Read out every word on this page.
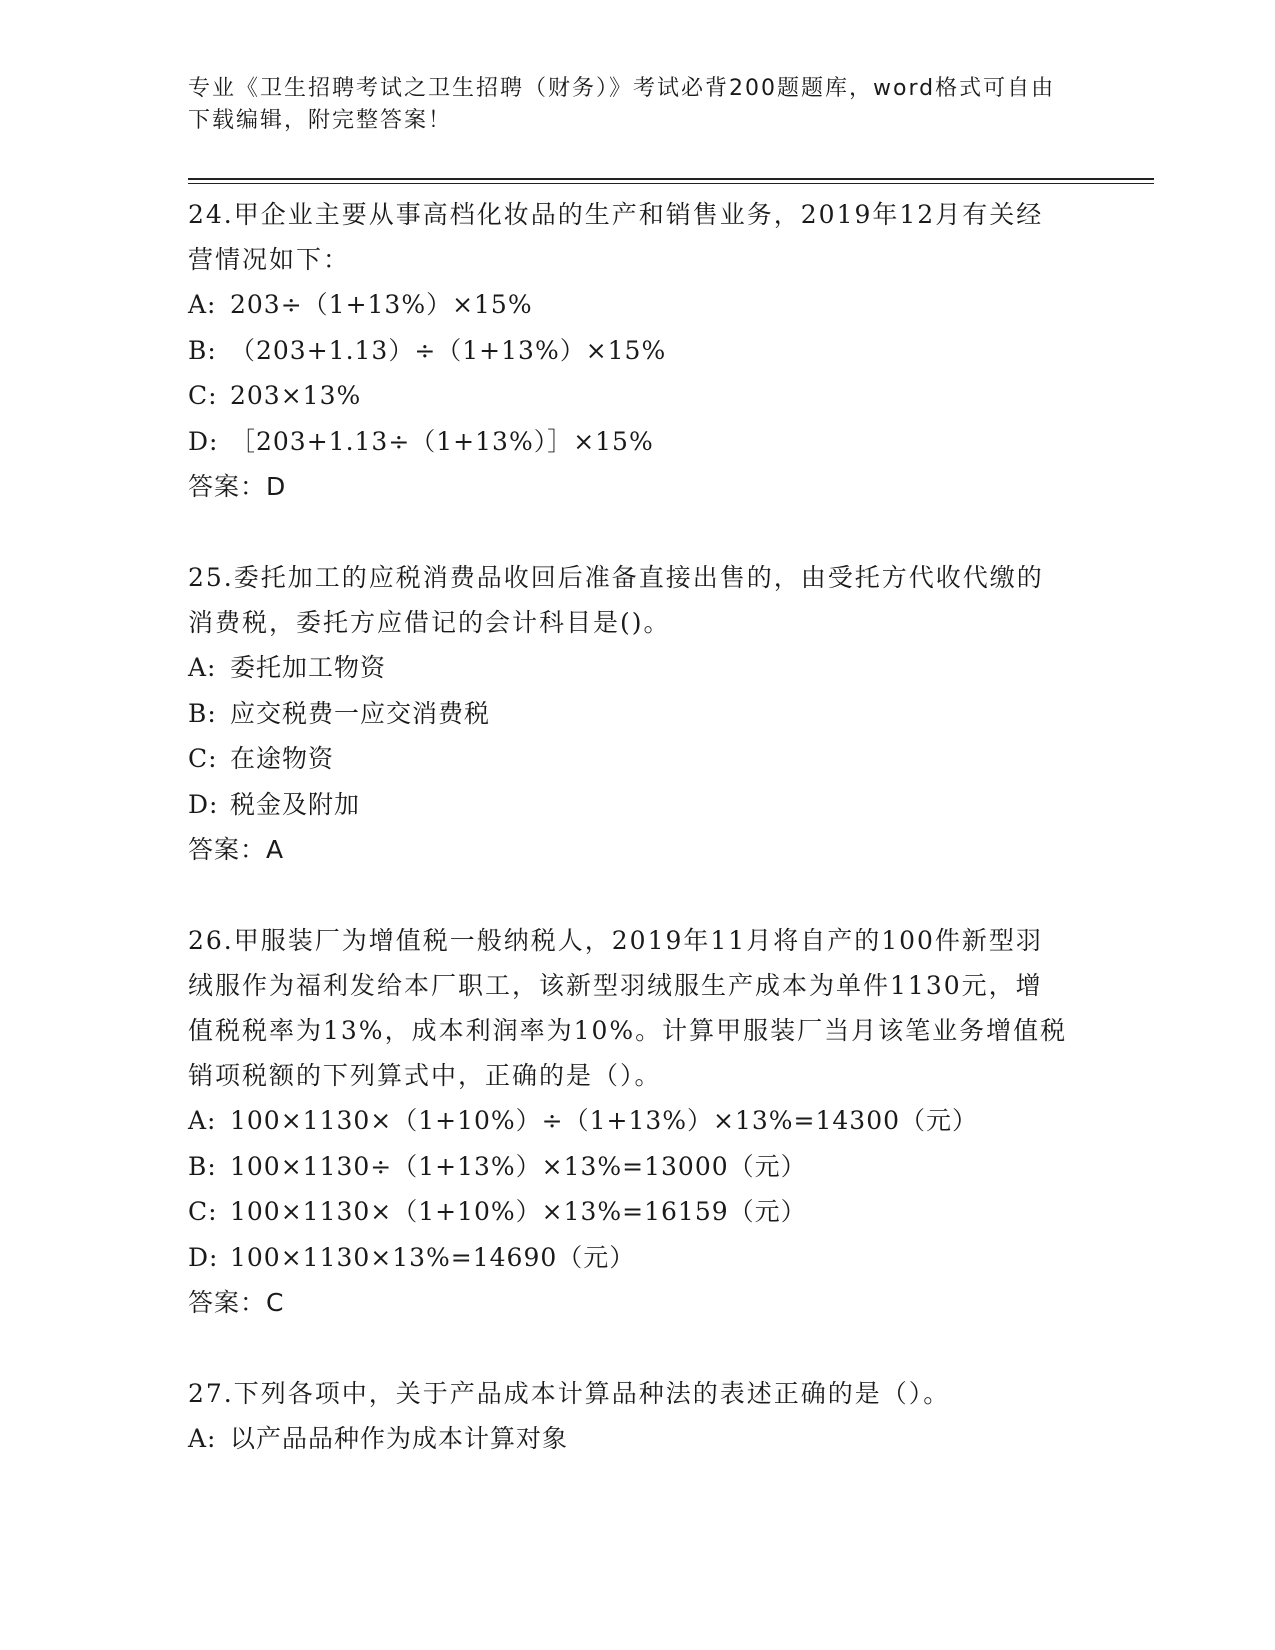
专业《卫生招聘考试之卫生招聘（财务）》考试必背200题题库，word格式可自由下载编辑，附完整答案！
24.甲企业主要从事高档化妆品的生产和销售业务，2019年12月有关经营情况如下：
A: 203÷（1+13%）×15%
B: （203+1.13）÷（1+13%）×15%
C: 203×13%
D: ［203+1.13÷（1+13%）］×15%
答案：D
25.委托加工的应税消费品收回后准备直接出售的，由受托方代收代缴的消费税，委托方应借记的会计科目是()。
A: 委托加工物资
B: 应交税费一应交消费税
C: 在途物资
D: 税金及附加
答案：A
26.甲服装厂为增值税一般纳税人，2019年11月将自产的100件新型羽绒服作为福利发给本厂职工，该新型羽绒服生产成本为单件1130元，增值税税率为13%，成本利润率为10%。计算甲服装厂当月该笔业务增值税销项税额的下列算式中，正确的是（）。
A: 100×1130×（1+10%）÷（1+13%）×13%=14300（元）
B: 100×1130÷（1+13%）×13%=13000（元）
C: 100×1130×（1+10%）×13%=16159（元）
D: 100×1130×13%=14690（元）
答案：C
27.下列各项中，关于产品成本计算品种法的表述正确的是（）。
A: 以产品品种作为成本计算对象
